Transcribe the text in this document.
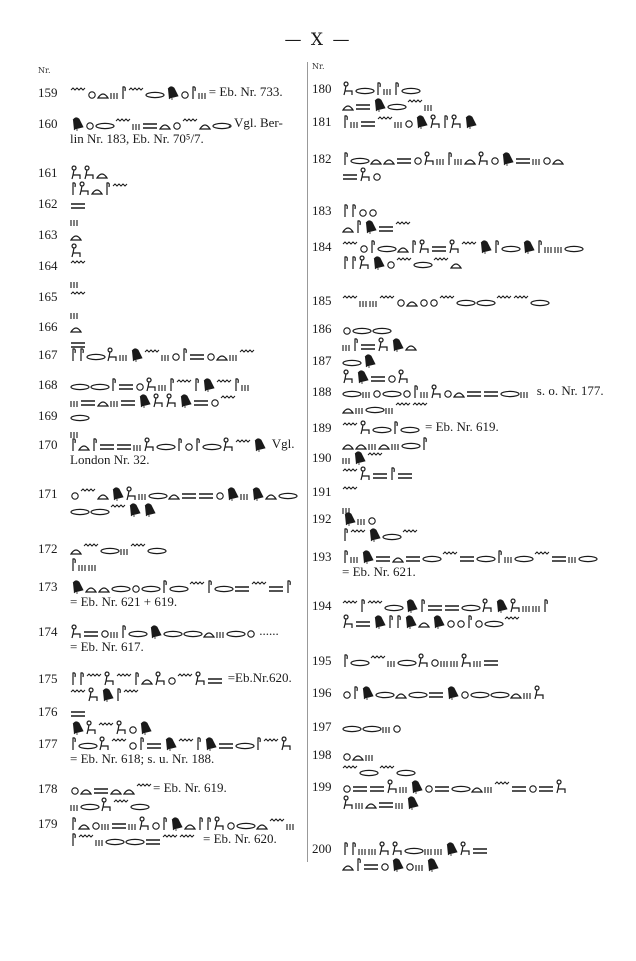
— X —
Nr.	Nr.
159	= Eb. Nr. 733.
160	. Vgl. Ber-
lin Nr. 183, Eb. Nr. 70⁵/7.
161
162
163
164
165
166
167
168
169
170	Vgl.
London Nr. 32.
171
172
173
= Eb. Nr. 621 + 619.
174	......
= Eb. Nr. 617.
175	=Eb.Nr.620.
176
177
= Eb. Nr. 618; s. u. Nr. 188.
178	= Eb. Nr. 619.
179
= Eb. Nr. 620.
180
181
182
183
184
185
186
187
188	s. o. Nr. 177.
189	= Eb. Nr. 619.
190
191
192
193
= Eb. Nr. 621.
194
195
196
197
198
199
200
